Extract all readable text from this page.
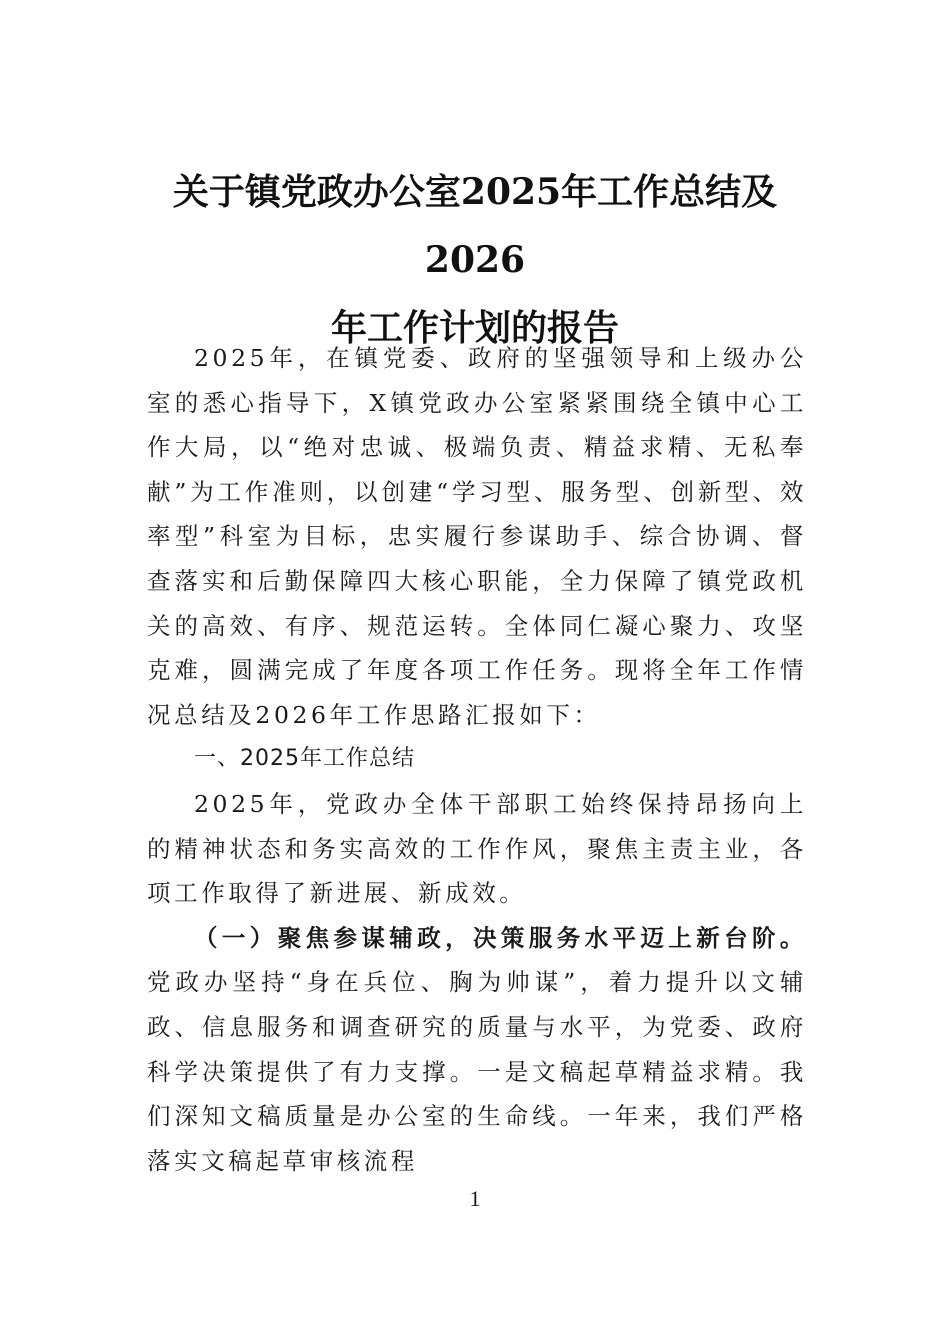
关于镇党政办公室2025年工作总结及2026
年工作计划的报告

2025年，在镇党委、政府的坚强领导和上级办公室的悉心指导下，X镇党政办公室紧紧围绕全镇中心工作大局，以“绝对忠诚、极端负责、精益求精、无私奉献”为工作准则，以创建“学习型、服务型、创新型、效率型”科室为目标，忠实履行参谋助手、综合协调、督查落实和后勤保障四大核心职能，全力保障了镇党政机关的高效、有序、规范运转。全体同仁凝心聚力、攻坚克难，圆满完成了年度各项工作任务。现将全年工作情况总结及2026年工作思路汇报如下：

一、2025年工作总结

2025年，党政办全体干部职工始终保持昂扬向上的精神状态和务实高效的工作作风，聚焦主责主业，各项工作取得了新进展、新成效。

（一）聚焦参谋辅政，决策服务水平迈上新台阶。党政办坚持“身在兵位、胸为帅谋”，着力提升以文辅政、信息服务和调查研究的质量与水平，为党委、政府科学决策提供了有力支撑。一是文稿起草精益求精。我们深知文稿质量是办公室的生命线。一年来，我们严格落实文稿起草审核流程

1
